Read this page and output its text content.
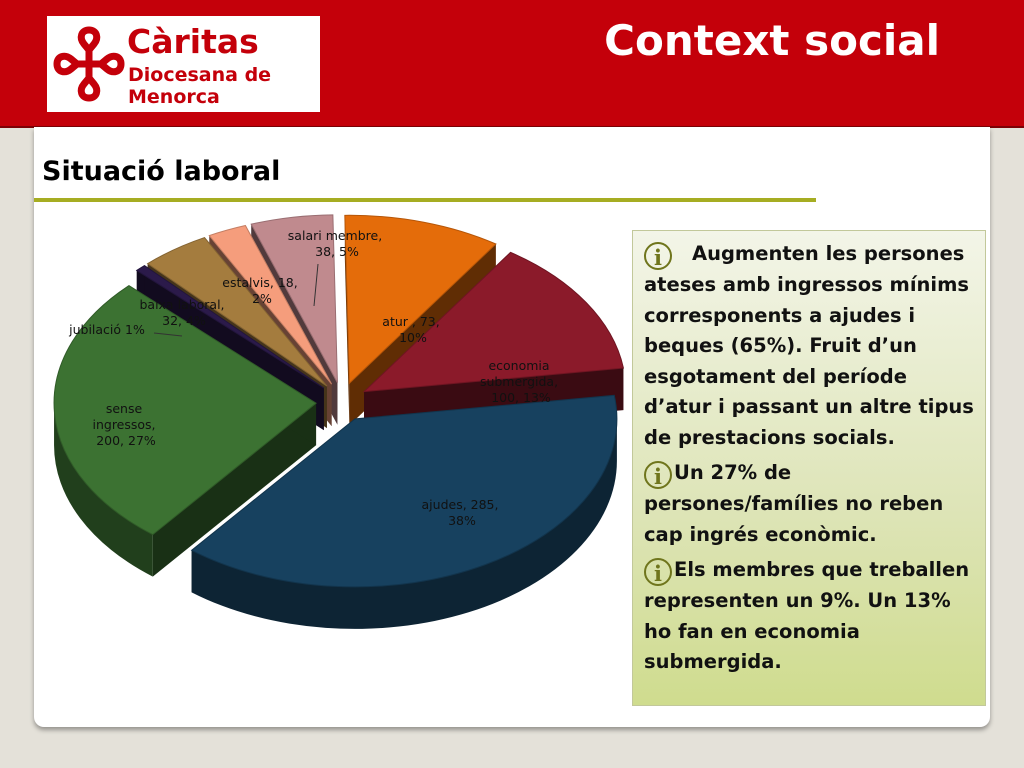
Càritas
Diocesana de
Menorca
Context social
Situació laboral
atur , 73, 10%
economia submergida, 100, 13%
ajudes, 285, 38%
sense ingressos, 200, 27%
jubilació 1%
baixa laboral, 32, 4%
estalvis, 18, 2%
salari membre, 38, 5%	i Augmenten les persones ateses amb ingressos mínims corresponents a ajudes i beques (65%). Fruit d’un esgotament del període d’atur i passant un altre tipus de prestacions socials.

i Un 27% de persones/famílies no reben cap ingrés econòmic.

i Els membres que treballen representen un 9%. Un 13% ho fan en economia submergida.
